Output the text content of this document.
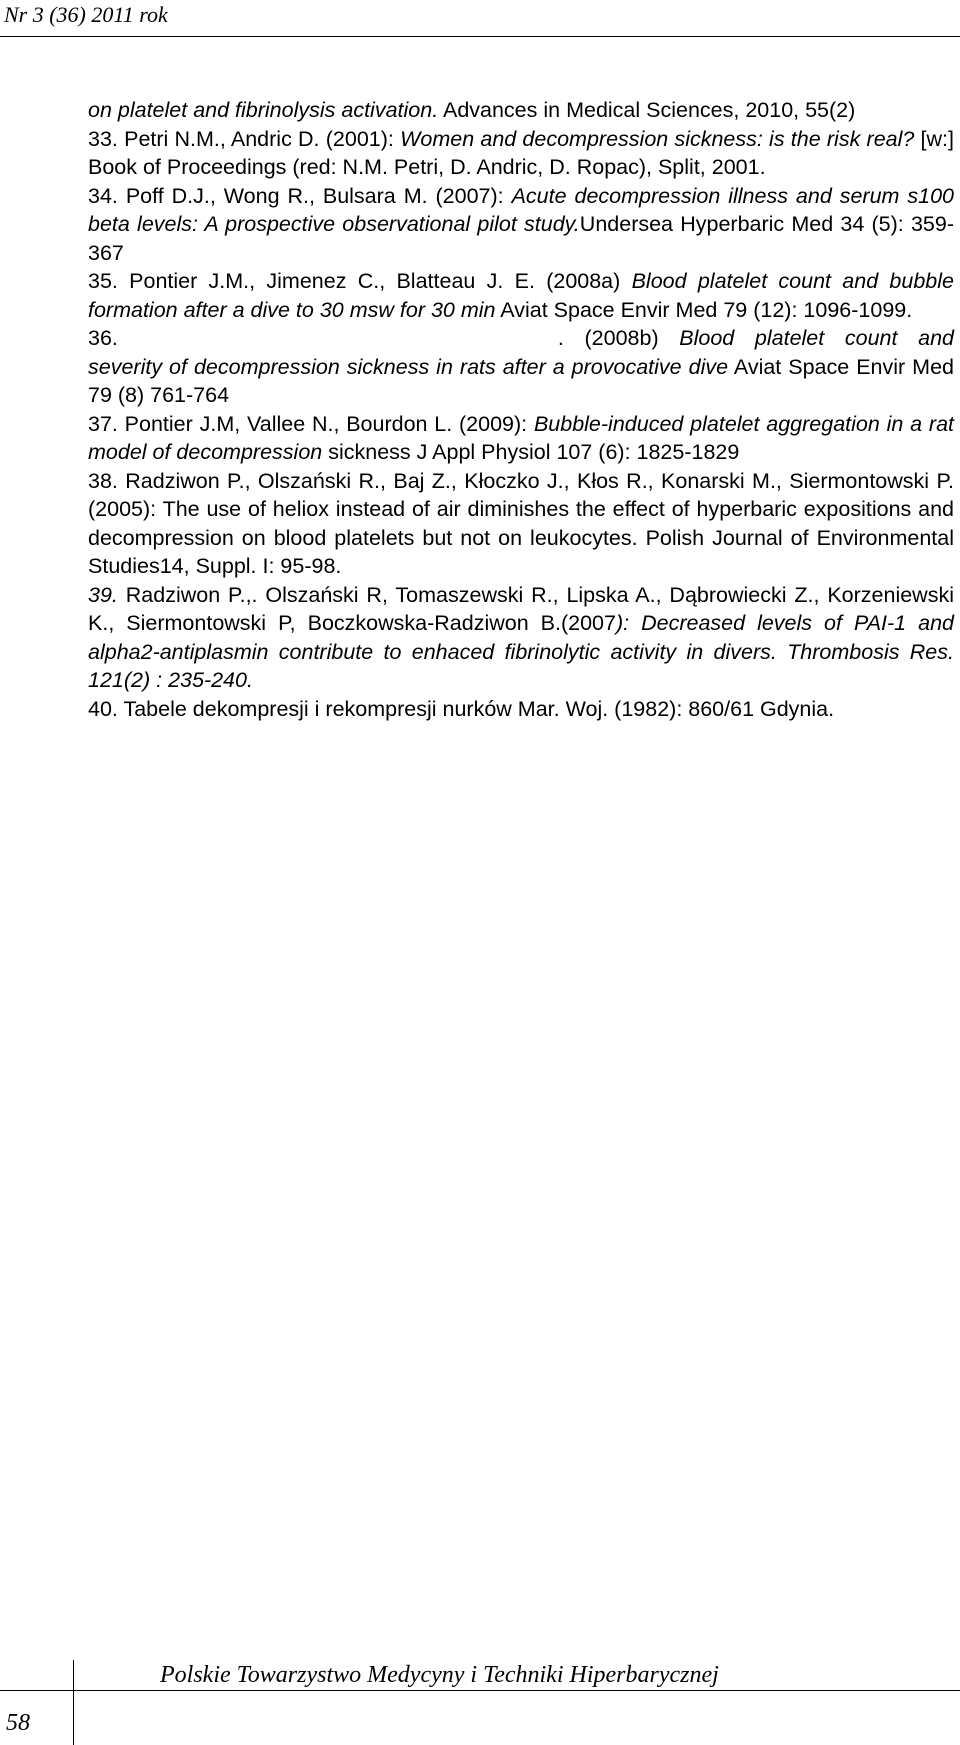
Nr 3 (36) 2011 rok
on platelet and fibrinolysis activation. Advances in Medical Sciences, 2010, 55(2)
33. Petri N.M., Andric D. (2001): Women and decompression sickness: is the risk real? [w:] Book of Proceedings (red: N.M. Petri, D. Andric, D. Ropac), Split, 2001.
34. Poff D.J., Wong R., Bulsara M. (2007): Acute decompression illness and serum s100 beta levels: A prospective observational pilot study.Undersea Hyperbaric Med 34 (5): 359-367
35. Pontier J.M., Jimenez C., Blatteau J. E. (2008a) Blood platelet count and bubble formation after a dive to 30 msw for 30 min Aviat Space Envir Med 79 (12): 1096-1099.
36.	. (2008b) Blood platelet count and severity of decompression sickness in rats after a provocative dive Aviat Space Envir Med 79 (8) 761-764
37. Pontier J.M, Vallee N., Bourdon L. (2009): Bubble-induced platelet aggregation in a rat model of decompression sickness J Appl Physiol 107 (6): 1825-1829
38. Radziwon P., Olszański R., Baj Z., Kłoczko J., Kłos R., Konarski M., Siermontowski P. (2005): The use of heliox instead of air diminishes the effect of hyperbaric expositions and decompression on blood platelets but not on leukocytes. Polish Journal of Environmental Studies14, Suppl. I: 95-98.
39. Radziwon P.,. Olszański R, Tomaszewski R., Lipska A., Dąbrowiecki Z., Korzeniewski K., Siermontowski P, Boczkowska-Radziwon B.(2007): Decreased levels of PAI-1 and alpha2-antiplasmin contribute to enhaced fibrinolytic activity in divers. Thrombosis Res. 121(2) : 235-240.
40. Tabele dekompresji i rekompresji nurków Mar. Woj. (1982): 860/61 Gdynia.
Polskie Towarzystwo Medycyny i Techniki Hiperbarycznej
58
